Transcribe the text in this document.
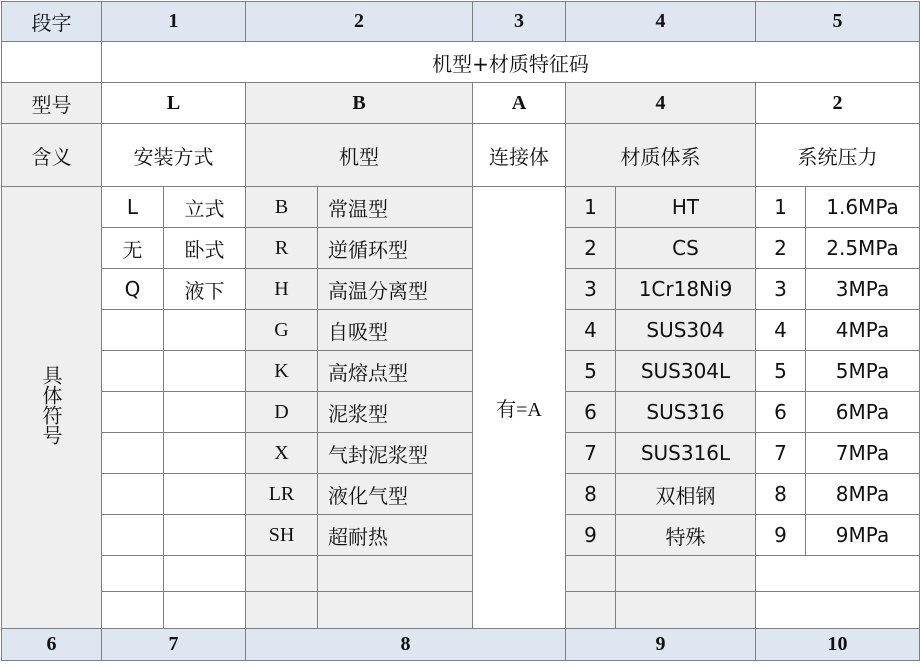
段字	1		2		3	4		5	
	机型+材质特征码								
型号	L		B		A	4		2	
含义	安装方式		机型		连接体	材质体系		系统压力	
具体符号	L	立式	B	常温型	有=A	1	HT	1	1.6MPa
	无	卧式	R	逆循环型		2	CS	2	2.5MPa
	Q	液下	H	高温分离型		3	1Cr18Ni9	3	3MPa
			G	自吸型		4	SUS304	4	4MPa
			K	高熔点型		5	SUS304L	5	5MPa
			D	泥浆型		6	SUS316	6	6MPa
			X	气封泥浆型		7	SUS316L	7	7MPa
			LR	液化气型		8	双相钢	8	8MPa
			SH	超耐热		9	特殊	9	9MPa

6	7		8			9		10	
